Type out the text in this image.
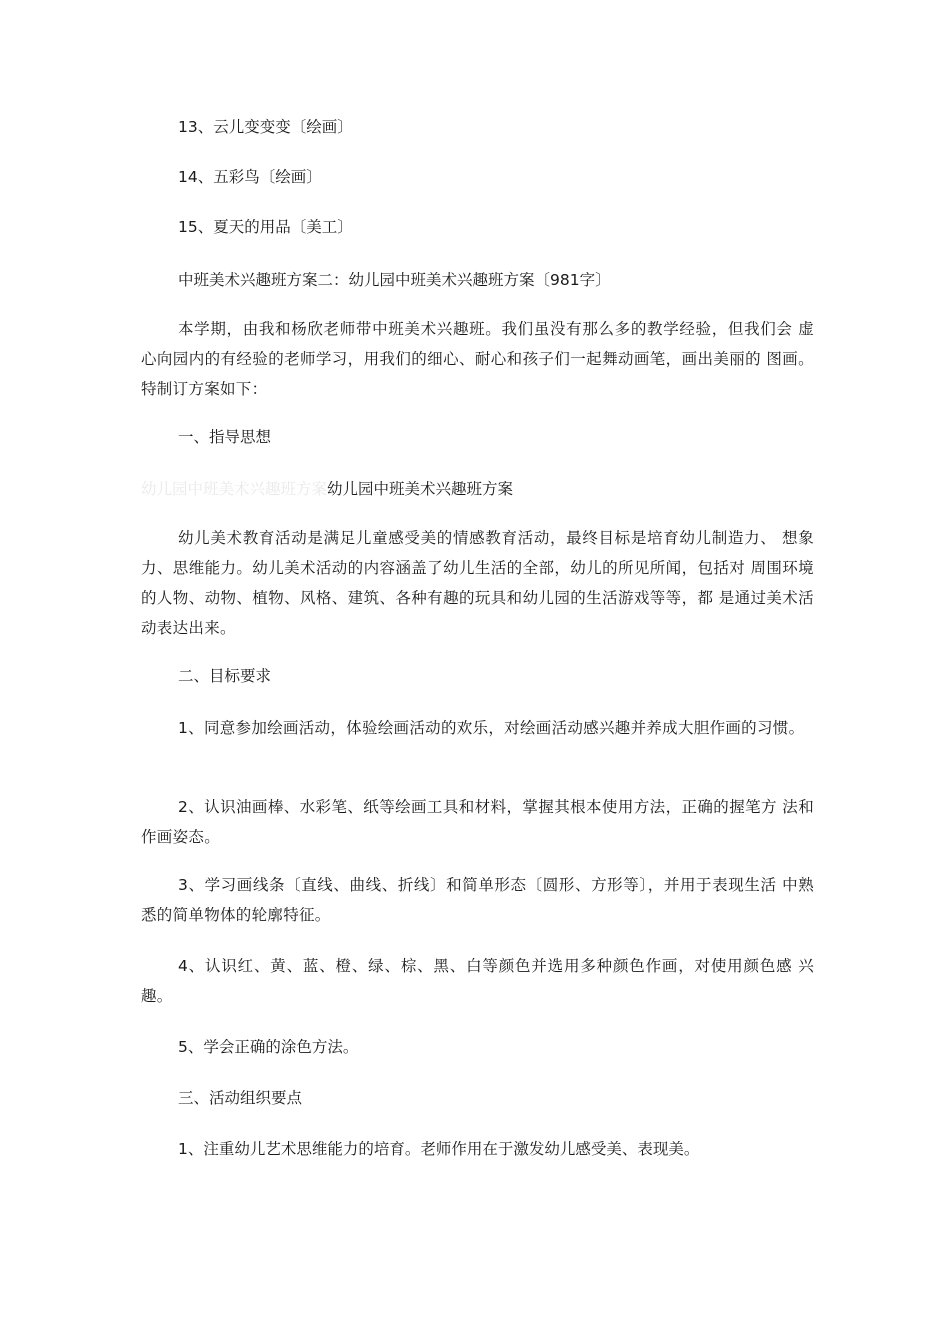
13、云儿变变变〔绘画〕

14、五彩鸟〔绘画〕

15、夏天的用品〔美工〕

中班美术兴趣班方案二：幼儿园中班美术兴趣班方案〔981字〕

本学期，由我和杨欣老师带中班美术兴趣班。我们虽没有那么多的教学经验，但我们会 虚心向园内的有经验的老师学习，用我们的细心、耐心和孩子们一起舞动画笔，画出美丽的 图画。特制订方案如下：

一、指导思想

幼儿园中班美术兴趣班方案幼儿园中班美术兴趣班方案

幼儿美术教育活动是满足儿童感受美的情感教育活动，最终目标是培育幼儿制造力、 想象力、思维能力。幼儿美术活动的内容涵盖了幼儿生活的全部，幼儿的所见所闻，包括对 周围环境的人物、动物、植物、风格、建筑、各种有趣的玩具和幼儿园的生活游戏等等，都 是通过美术活动表达出来。

二、目标要求

1、同意参加绘画活动，体验绘画活动的欢乐，对绘画活动感兴趣并养成大胆作画的习惯。

2、认识油画棒、水彩笔、纸等绘画工具和材料，掌握其根本使用方法，正确的握笔方 法和作画姿态。

3、学习画线条〔直线、曲线、折线〕和简单形态〔圆形、方形等〕，并用于表现生活 中熟悉的简单物体的轮廓特征。

4、认识红、黄、蓝、橙、绿、棕、黑、白等颜色并选用多种颜色作画，对使用颜色感 兴趣。

5、学会正确的涂色方法。

三、活动组织要点

1、注重幼儿艺术思维能力的培育。老师作用在于激发幼儿感受美、表现美。
